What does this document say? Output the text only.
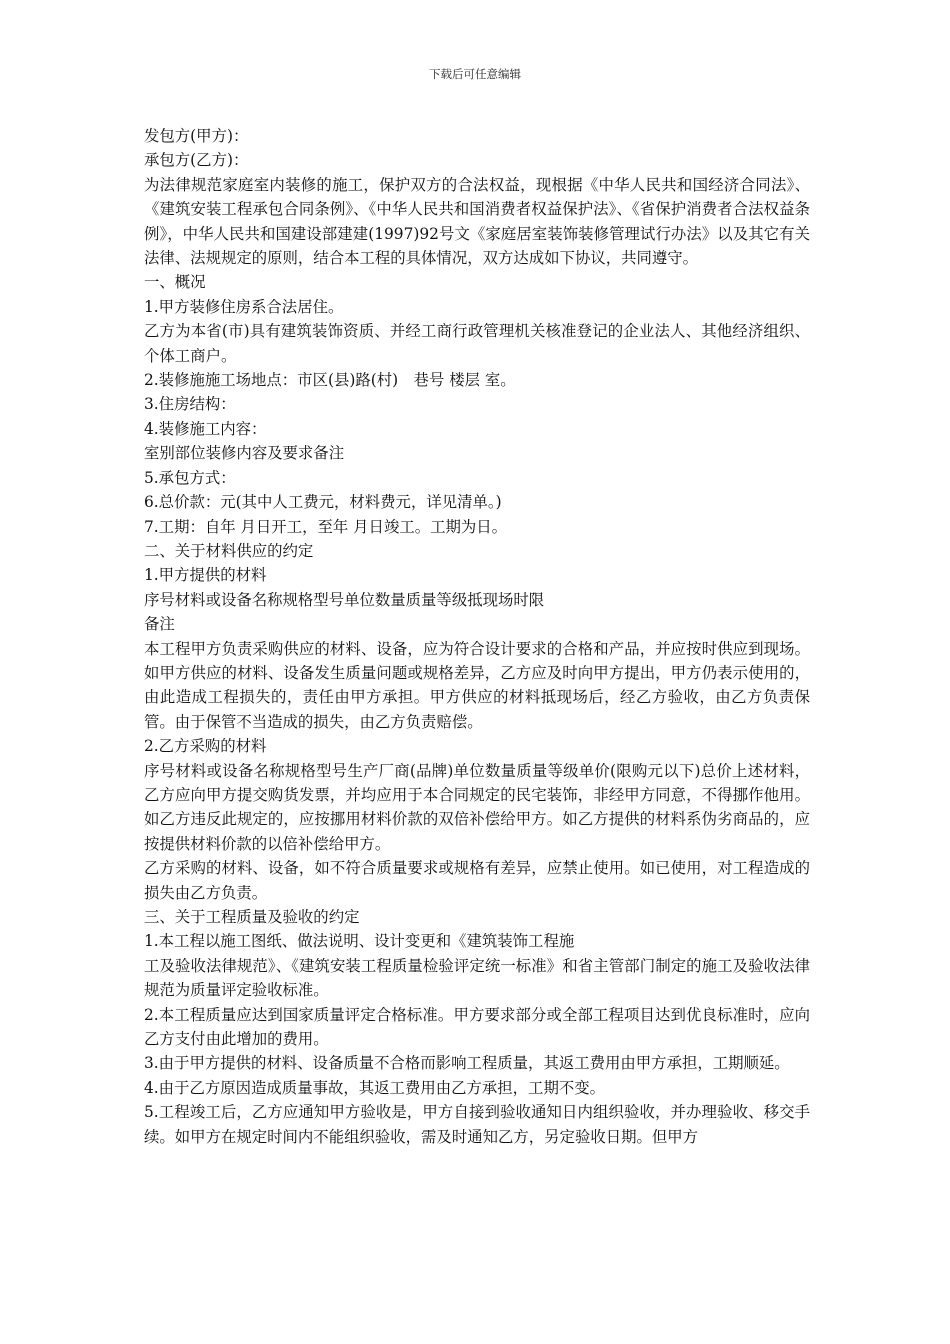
下载后可任意编辑

发包方(甲方)：

承包方(乙方)：

为法律规范家庭室内装修的施工，保护双方的合法权益，现根据《中华人民共和国经济合同法》、《建筑安装工程承包合同条例》、《中华人民共和国消费者权益保护法》、《省保护消费者合法权益条例》，中华人民共和国建设部建建(1997)92号文《家庭居室装饰装修管理试行办法》以及其它有关法律、法规规定的原则，结合本工程的具体情况，双方达成如下协议，共同遵守。

一、概况

1.甲方装修住房系合法居住。

乙方为本省(市)具有建筑装饰资质、并经工商行政管理机关核准登记的企业法人、其他经济组织、个体工商户。

2.装修施施工场地点：市区(县)路(村)　巷号 楼层 室。

3.住房结构：

4.装修施工内容：

室别部位装修内容及要求备注

5.承包方式：

6.总价款：元(其中人工费元，材料费元，详见清单。)

7.工期：自年 月日开工，至年 月日竣工。工期为日。

二、关于材料供应的约定

1.甲方提供的材料

序号材料或设备名称规格型号单位数量质量等级抵现场时限

备注

本工程甲方负责采购供应的材料、设备，应为符合设计要求的合格和产品，并应按时供应到现场。如甲方供应的材料、设备发生质量问题或规格差异，乙方应及时向甲方提出，甲方仍表示使用的，由此造成工程损失的，责任由甲方承担。甲方供应的材料抵现场后，经乙方验收，由乙方负责保管。由于保管不当造成的损失，由乙方负责赔偿。

2.乙方采购的材料

序号材料或设备名称规格型号生产厂商(品牌)单位数量质量等级单价(限购元以下)总价上述材料，乙方应向甲方提交购货发票，并均应用于本合同规定的民宅装饰，非经甲方同意，不得挪作他用。如乙方违反此规定的，应按挪用材料价款的双倍补偿给甲方。如乙方提供的材料系伪劣商品的，应按提供材料价款的以倍补偿给甲方。

乙方采购的材料、设备，如不符合质量要求或规格有差异，应禁止使用。如已使用，对工程造成的损失由乙方负责。

三、关于工程质量及验收的约定

1.本工程以施工图纸、做法说明、设计变更和《建筑装饰工程施

工及验收法律规范》、《建筑安装工程质量检验评定统一标准》和省主管部门制定的施工及验收法律规范为质量评定验收标准。

2.本工程质量应达到国家质量评定合格标准。甲方要求部分或全部工程项目达到优良标准时，应向乙方支付由此增加的费用。

3.由于甲方提供的材料、设备质量不合格而影响工程质量，其返工费用由甲方承担，工期顺延。

4.由于乙方原因造成质量事故，其返工费用由乙方承担，工期不变。

5.工程竣工后，乙方应通知甲方验收是，甲方自接到验收通知日内组织验收，并办理验收、移交手续。如甲方在规定时间内不能组织验收，需及时通知乙方，另定验收日期。但甲方
